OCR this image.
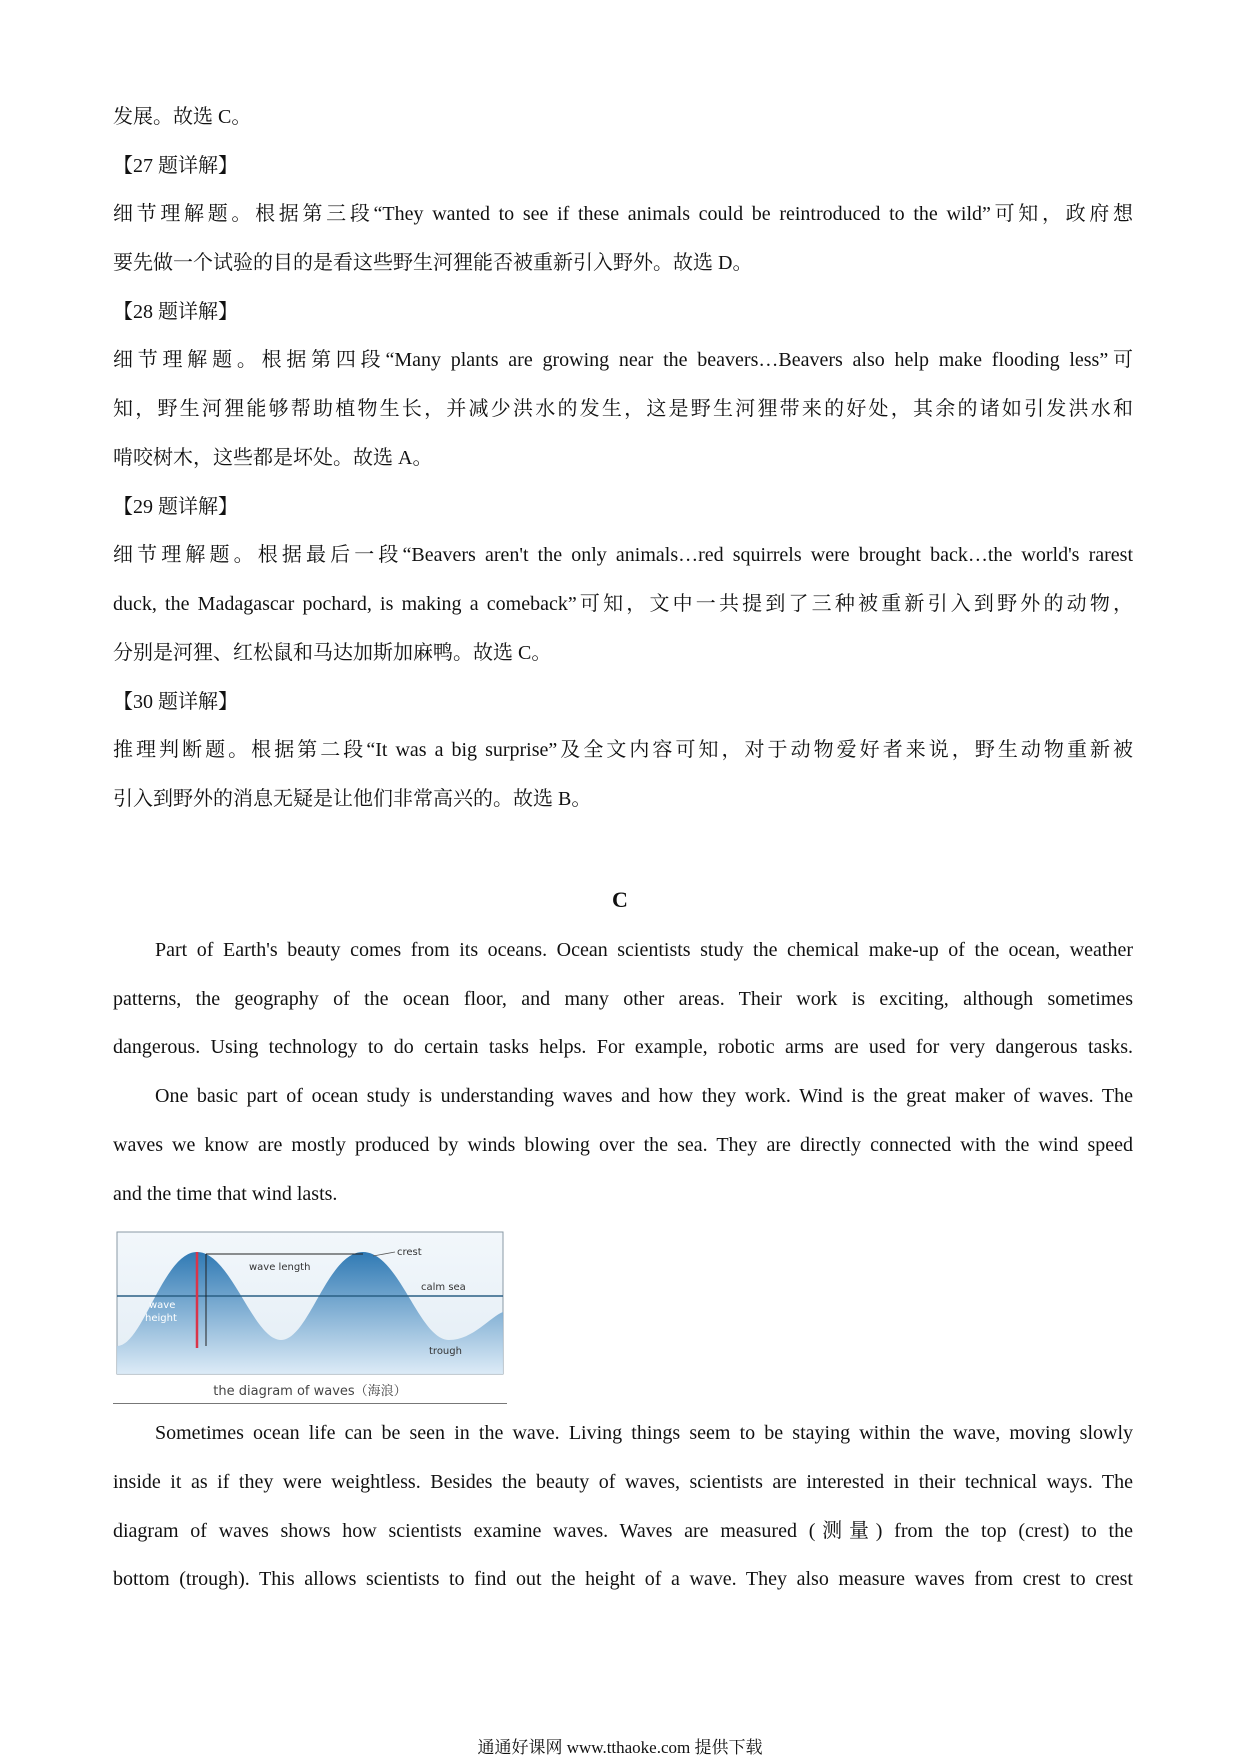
发展。故选 C。

【27 题详解】

细节理解题。根据第三段“They wanted to see if these animals could be reintroduced to the wild”可知，政府想

要先做一个试验的目的是看这些野生河狸能否被重新引入野外。故选 D。

【28 题详解】

细节理解题。根据第四段“Many plants are growing near the beavers…Beavers also help make flooding less”可

知，野生河狸能够帮助植物生长，并减少洪水的发生，这是野生河狸带来的好处，其余的诸如引发洪水和

啃咬树木，这些都是坏处。故选 A。

【29 题详解】

细节理解题。根据最后一段“Beavers aren't the only animals…red squirrels were brought back…the world's rarest

duck, the Madagascar pochard, is making a comeback”可知，文中一共提到了三种被重新引入到野外的动物，

分别是河狸、红松鼠和马达加斯加麻鸭。故选 C。

【30 题详解】

推理判断题。根据第二段“It was a big surprise”及全文内容可知，对于动物爱好者来说，野生动物重新被

引入到野外的消息无疑是让他们非常高兴的。故选 B。

C

Part of Earth's beauty comes from its oceans. Ocean scientists study the chemical make-up of the ocean, weather

patterns, the geography of the ocean floor, and many other areas. Their work is exciting, although sometimes

dangerous. Using technology to do certain tasks helps. For example, robotic arms are used for very dangerous tasks.

One basic part of ocean study is understanding waves and how they work. Wind is the great maker of waves. The

waves we know are mostly produced by winds blowing over the sea. They are directly connected with the wind speed

and the time that wind lasts.

crest
wave length
calm sea
wave
height
trough

the diagram of waves（海浪）

Sometimes ocean life can be seen in the wave. Living things seem to be staying within the wave, moving slowly

inside it as if they were weightless. Besides the beauty of waves, scientists are interested in their technical ways. The

diagram of waves shows how scientists examine waves. Waves are measured (测量) from the top (crest) to the

bottom (trough). This allows scientists to find out the height of a wave. They also measure waves from crest to crest

通通好课网 www.tthaoke.com 提供下载
